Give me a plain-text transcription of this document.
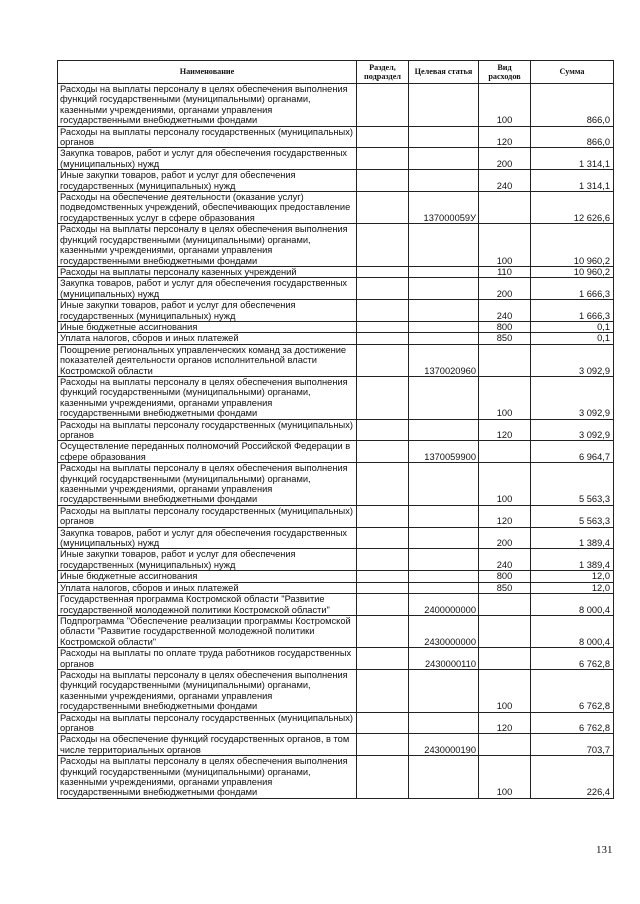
Наименование	Раздел, подраздел	Целевая статья	Вид расходов	Сумма
Расходы на выплаты персоналу в целях обеспечения выполнения функций государственными (муниципальными) органами, казенными учреждениями, органами управления государственными внебюджетными фондами			100	866,0
Расходы на выплаты персоналу государственных (муниципальных) органов			120	866,0
Закупка товаров, работ и услуг для обеспечения государственных (муниципальных) нужд			200	1 314,1
Иные закупки товаров, работ и услуг для обеспечения государственных (муниципальных) нужд			240	1 314,1
Расходы на обеспечение деятельности (оказание услуг) подведомственных учреждений, обеспечивающих предоставление государственных услуг в сфере образования		137000059У		12 626,6
Расходы на выплаты персоналу в целях обеспечения выполнения функций государственными (муниципальными) органами, казенными учреждениями, органами управления государственными внебюджетными фондами			100	10 960,2
Расходы на выплаты персоналу казенных учреждений			110	10 960,2
Закупка товаров, работ и услуг для обеспечения государственных (муниципальных) нужд			200	1 666,3
Иные закупки товаров, работ и услуг для обеспечения государственных (муниципальных) нужд			240	1 666,3
Иные бюджетные ассигнования			800	0,1
Уплата налогов, сборов и иных платежей			850	0,1
Поощрение региональных управленческих команд за достижение показателей деятельности органов исполнительной власти Костромской области		1370020960		3 092,9
Расходы на выплаты персоналу в целях обеспечения выполнения функций государственными (муниципальными) органами, казенными учреждениями, органами управления государственными внебюджетными фондами			100	3 092,9
Расходы на выплаты персоналу государственных (муниципальных) органов			120	3 092,9
Осуществление переданных полномочий Российской Федерации в сфере образования		1370059900		6 964,7
Расходы на выплаты персоналу в целях обеспечения выполнения функций государственными (муниципальными) органами, казенными учреждениями, органами управления государственными внебюджетными фондами			100	5 563,3
Расходы на выплаты персоналу государственных (муниципальных) органов			120	5 563,3
Закупка товаров, работ и услуг для обеспечения государственных (муниципальных) нужд			200	1 389,4
Иные закупки товаров, работ и услуг для обеспечения государственных (муниципальных) нужд			240	1 389,4
Иные бюджетные ассигнования			800	12,0
Уплата налогов, сборов и иных платежей			850	12,0
Государственная программа Костромской области "Развитие государственной молодежной политики Костромской области"		2400000000		8 000,4
Подпрограмма "Обеспечение реализации программы Костромской области "Развитие государственной молодежной политики Костромской области"		2430000000		8 000,4
Расходы на выплаты по оплате труда работников государственных органов		2430000110		6 762,8
Расходы на выплаты персоналу в целях обеспечения выполнения функций государственными (муниципальными) органами, казенными учреждениями, органами управления государственными внебюджетными фондами			100	6 762,8
Расходы на выплаты персоналу государственных (муниципальных) органов			120	6 762,8
Расходы на обеспечение функций государственных органов, в том числе территориальных органов		2430000190		703,7
Расходы на выплаты персоналу в целях обеспечения выполнения функций государственными (муниципальными) органами, казенными учреждениями, органами управления государственными внебюджетными фондами			100	226,4
131
